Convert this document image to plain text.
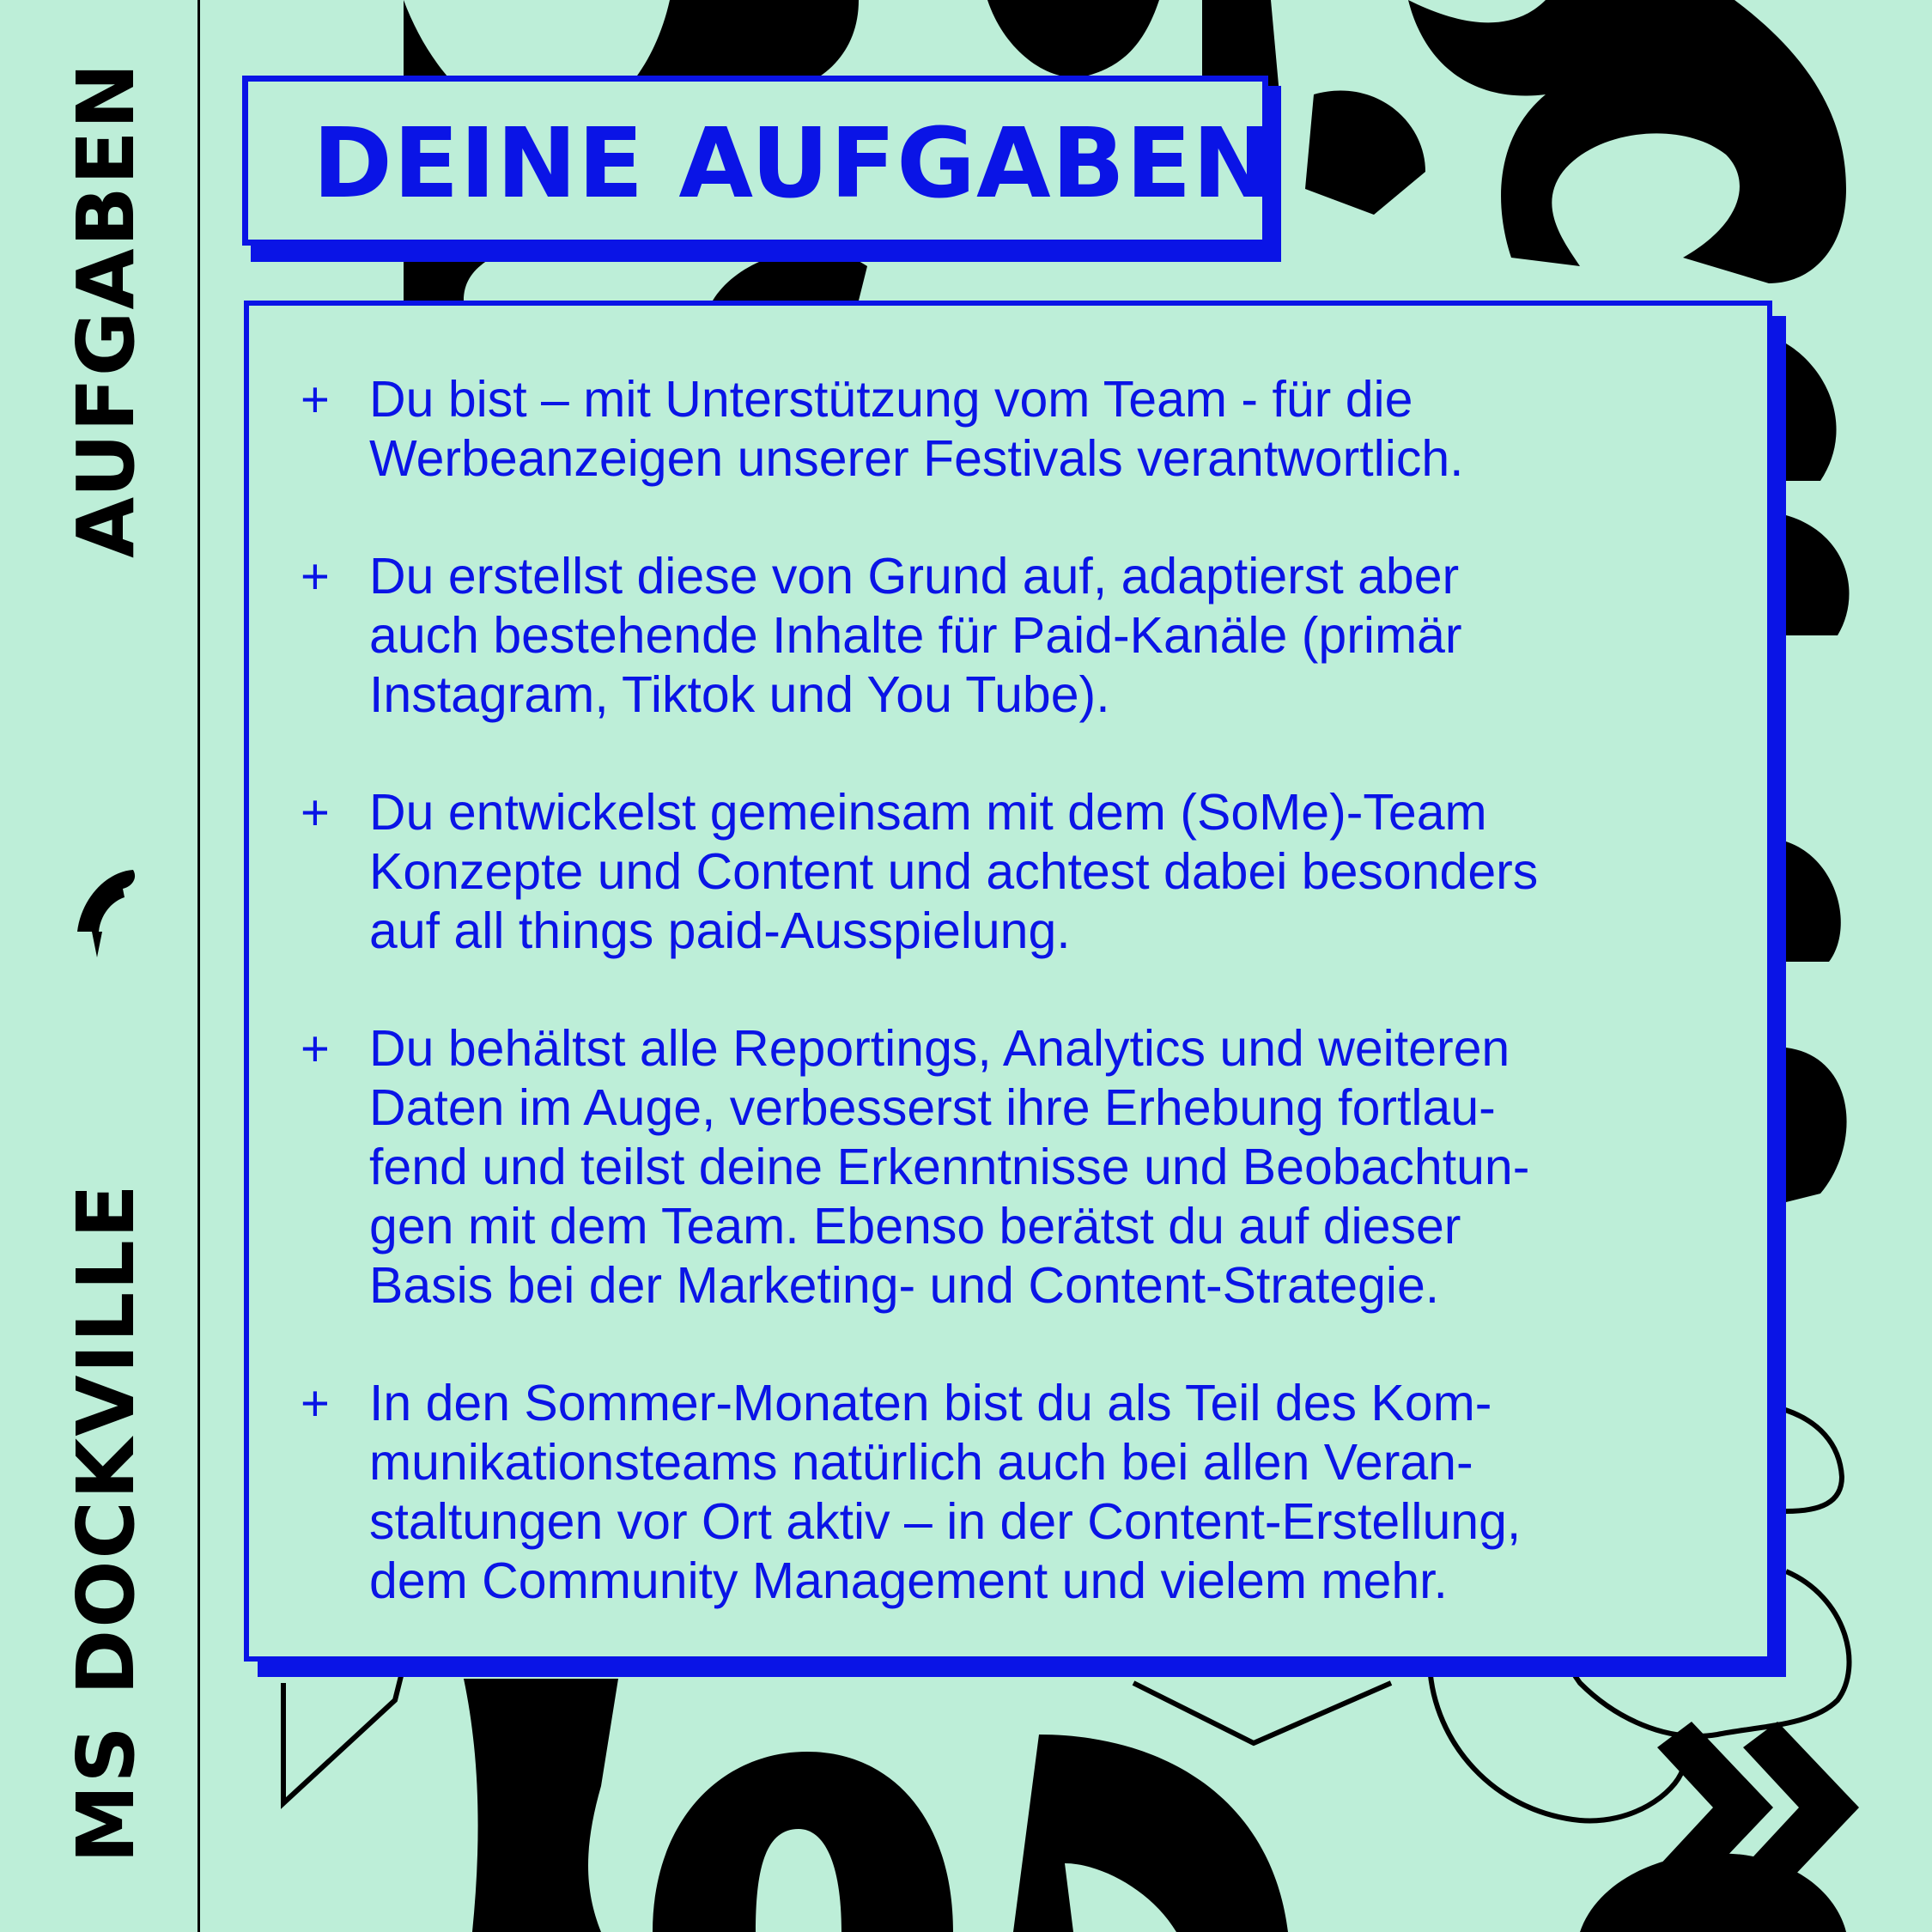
AUFGABEN
MS DOCKVILLE
DEINE AUFGABEN
+ Du bist – mit Unterstützung vom Team - für die
Werbeanzeigen unserer Festivals verantwortlich.
+ Du erstellst diese von Grund auf, adaptierst aber
auch bestehende Inhalte für Paid-Kanäle (primär
Instagram, Tiktok und You Tube).
+ Du entwickelst gemeinsam mit dem (SoMe)-Team
Konzepte und Content und achtest dabei besonders
auf all things paid-Ausspielung.
+ Du behältst alle Reportings, Analytics und weiteren
Daten im Auge, verbesserst ihre Erhebung fortlau-
fend und teilst deine Erkenntnisse und Beobachtun-
gen mit dem Team. Ebenso berätst du auf dieser
Basis bei der Marketing- und Content-Strategie.
+ In den Sommer-Monaten bist du als Teil des Kom-
munikationsteams natürlich auch bei allen Veran-
staltungen vor Ort aktiv – in der Content-Erstellung,
dem Community Management und vielem mehr.
